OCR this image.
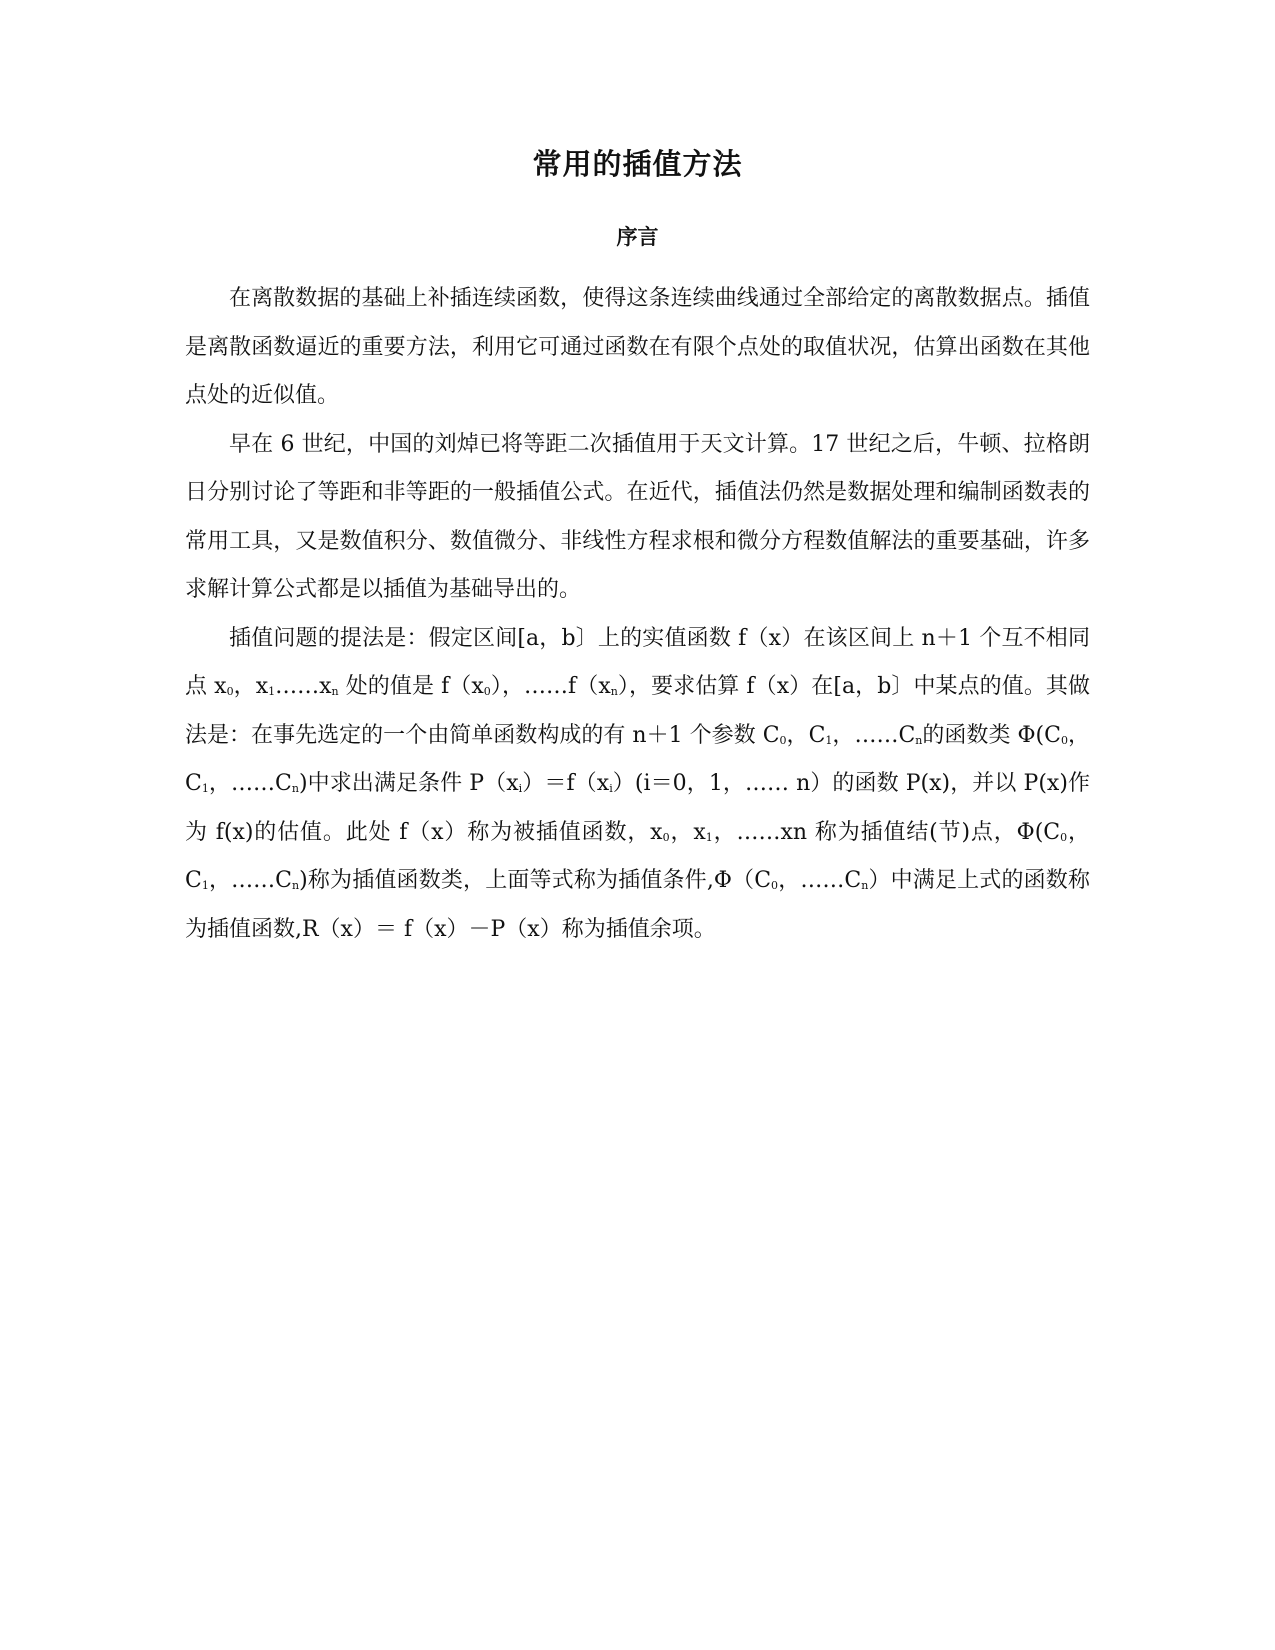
常用的插值方法
序言

在离散数据的基础上补插连续函数，使得这条连续曲线通过全部给定的离散数据点。插值是离散函数逼近的重要方法，利用它可通过函数在有限个点处的取值状况，估算出函数在其他点处的近似值。

早在 6 世纪，中国的刘焯已将等距二次插值用于天文计算。17 世纪之后，牛顿、拉格朗日分别讨论了等距和非等距的一般插值公式。在近代，插值法仍然是数据处理和编制函数表的常用工具，又是数值积分、数值微分、非线性方程求根和微分方程数值解法的重要基础，许多求解计算公式都是以插值为基础导出的。

插值问题的提法是：假定区间[a，b〕上的实值函数 f（x）在该区间上 n＋1 个互不相同点 x0，x1……xn 处的值是 f（x0），……f（xn），要求估算 f（x）在[a，b〕中某点的值。其做法是：在事先选定的一个由简单函数构成的有 n＋1 个参数 C0，C1，……Cn的函数类 Φ(C0，C1，……Cn)中求出满足条件 P（xi）＝f（xi）(i＝0，1，…… n）的函数 P(x)，并以 P(x)作为 f(x)的估值。此处 f（x）称为被插值函数，x0，x1，……xn 称为插值结(节)点，Φ(C0，C1，……Cn)称为插值函数类，上面等式称为插值条件,Φ（C0，……Cn）中满足上式的函数称为插值函数,R（x）＝ f（x）－P（x）称为插值余项。
